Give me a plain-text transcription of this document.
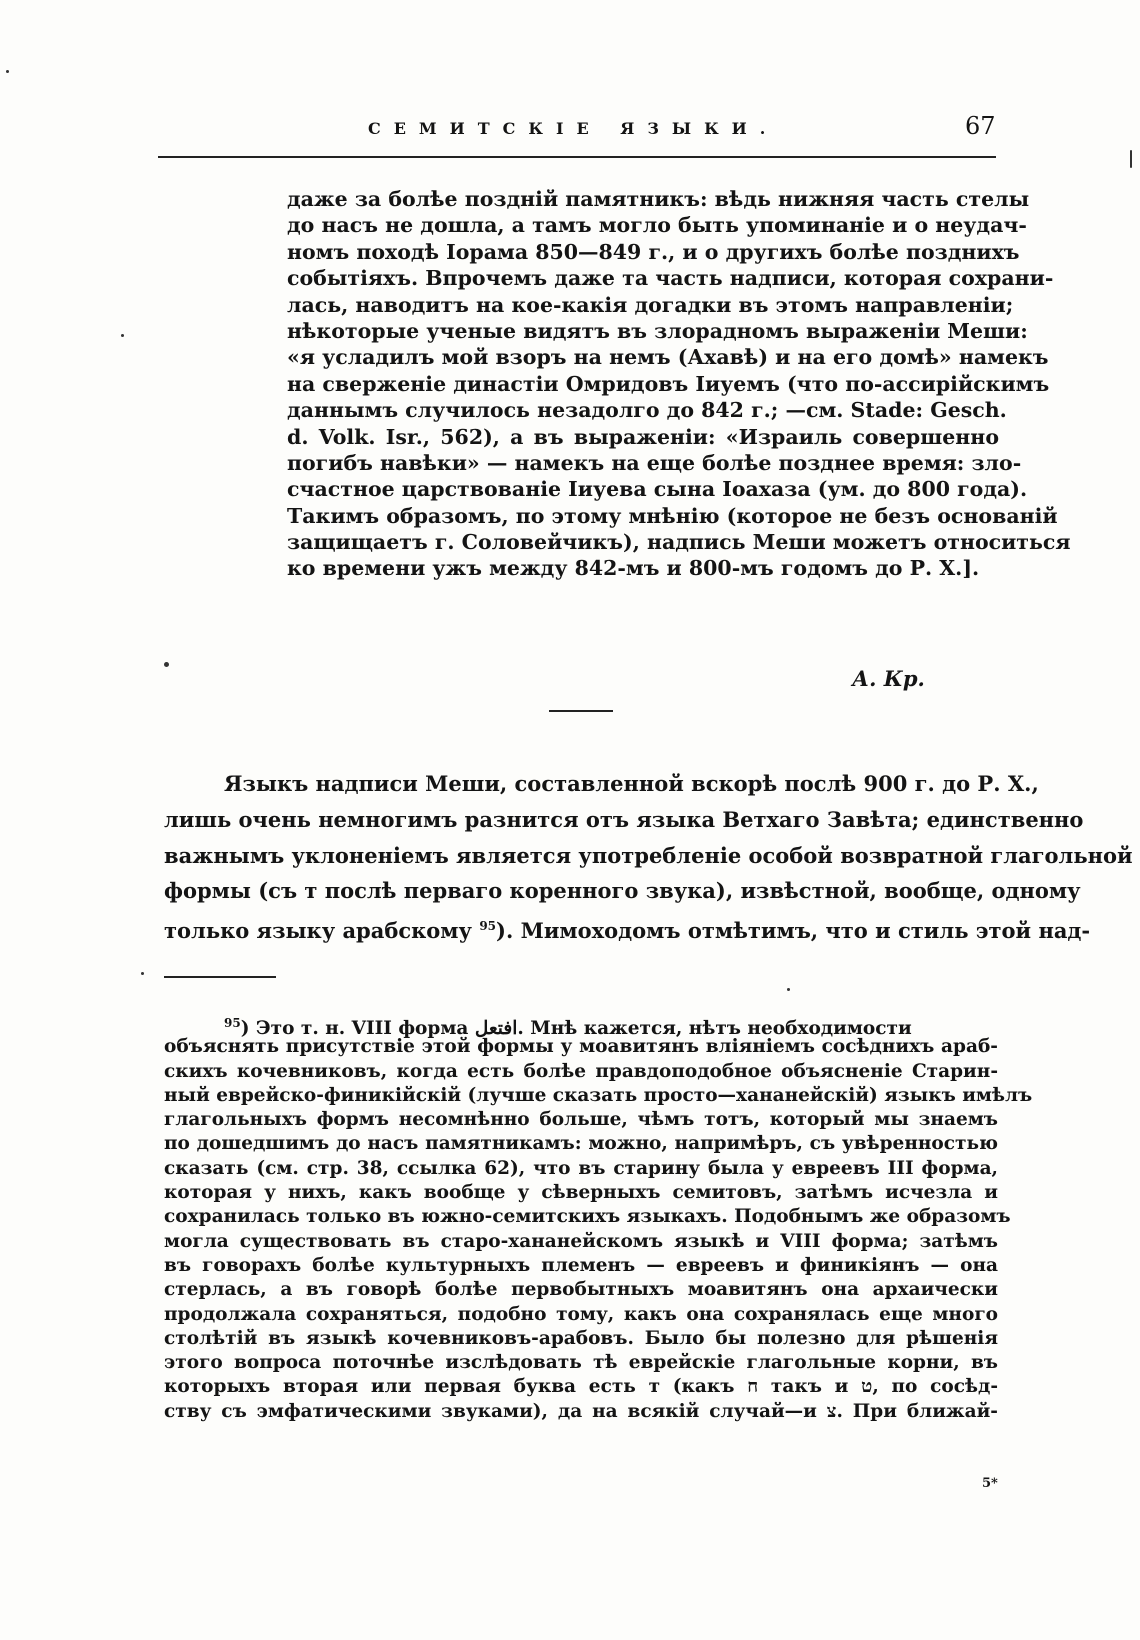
СЕМИТСКІЕ ЯЗЫКИ.	67
даже за болѣе поздній памятникъ: вѣдь нижняя часть стелы
до насъ не дошла, а тамъ могло быть упоминаніе и о неудач-
номъ походѣ Іорама 850—849 г., и о другихъ болѣе позднихъ
событіяхъ. Впрочемъ даже та часть надписи, которая сохрани-
лась, наводитъ на кое-какія догадки въ этомъ направленіи;
нѣкоторые ученые видятъ въ злорадномъ выраженіи Меши:
«я усладилъ мой взоръ на немъ (Ахавѣ) и на его домѣ» намекъ
на сверженіе династіи Омридовъ Іиуемъ (что по-ассирійскимъ
даннымъ случилось незадолго до 842 г.; —см. Stade: Gesch.
d. Volk. Isr., 562), а въ выраженіи: «Израиль совершенно
погибъ навѣки» — намекъ на еще болѣе позднее время: зло-
счастное царствованіе Іиуева сына Іоахаза (ум. до 800 года).
Такимъ образомъ, по этому мнѣнію (которое не безъ основаній
защищаетъ г. Соловейчикъ), надпись Меши можетъ относиться
ко времени ужъ между 842-мъ и 800-мъ годомъ до Р. Х.].
А. Кр.
Языкъ надписи Меши, составленной вскорѣ послѣ 900 г. до Р. Х.,
лишь очень немногимъ разнится отъ языка Ветхаго Завѣта; единственно
важнымъ уклоненіемъ является употребленіе особой возвратной глагольной
формы (съ т послѣ перваго коренного звука), извѣстной, вообще, одному
только языку арабскому $^{95}$). Мимоходомъ отмѣтимъ, что и стиль этой над-
$^{95}$) Это т. н. VIII форма افتعل. Мнѣ кажется, нѣтъ необходимости
объяснять присутствіе этой формы у моавитянъ вліяніемъ сосѣднихъ араб-
скихъ кочевниковъ, когда есть болѣе правдоподобное объясненіе Старин-
ный еврейско-финикійскій (лучше сказать просто—хананейскій) языкъ имѣлъ
глагольныхъ формъ несомнѣнно больше, чѣмъ тотъ, который мы знаемъ
по дошедшимъ до насъ памятникамъ: можно, напримѣръ, съ увѣренностью
сказать (см. стр. 38, ссылка 62), что въ старину была у евреевъ III форма,
которая у нихъ, какъ вообще у сѣверныхъ семитовъ, затѣмъ исчезла и
сохранилась только въ южно-семитскихъ языкахъ. Подобнымъ же образомъ
могла существовать въ старо-хананейскомъ языкѣ и VIII форма; затѣмъ
въ говорахъ болѣе культурныхъ племенъ — евреевъ и финикіянъ — она
стерлась, а въ говорѣ болѣе первобытныхъ моавитянъ она архаически
продолжала сохраняться, подобно тому, какъ она сохранялась еще много
столѣтій въ языкѣ кочевниковъ-арабовъ. Было бы полезно для рѣшенія
этого вопроса поточнѣе изслѣдовать тѣ еврейскіе глагольные корни, въ
которыхъ вторая или первая буква есть т (какъ ח такъ и ט, по сосѣд-
ству съ эмфатическими звуками), да на всякій случай—и צ. При ближай-
5*
